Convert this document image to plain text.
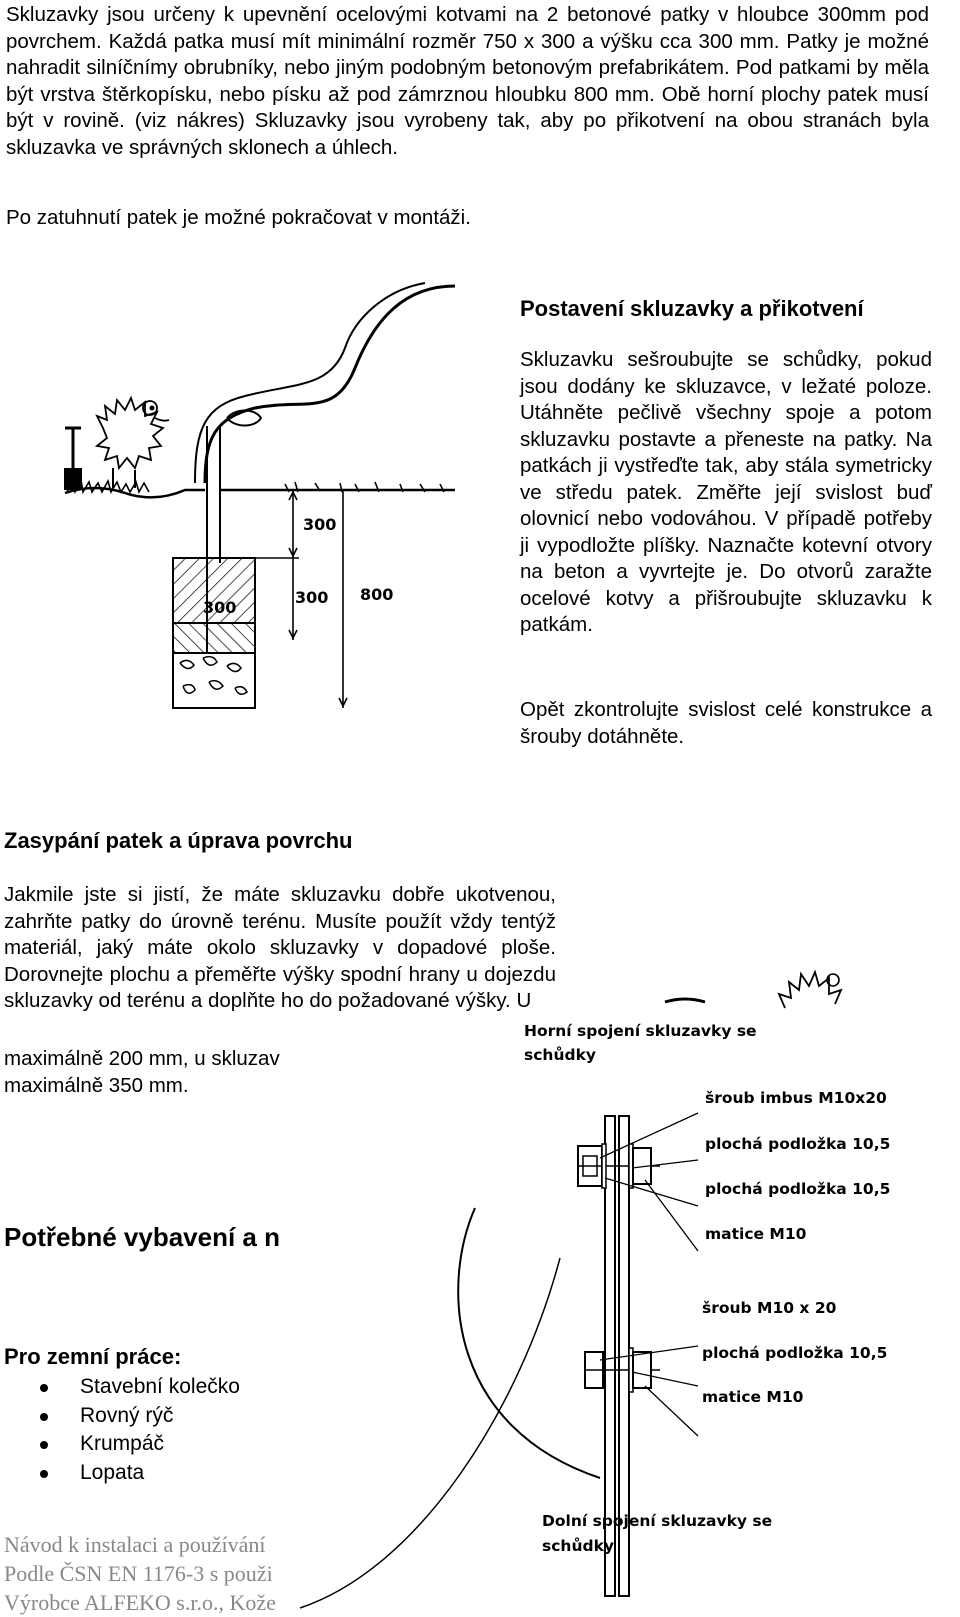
Skluzavky jsou určeny k upevnění ocelovými kotvami na 2 betonové patky v hloubce 300mm pod povrchem. Každá patka musí mít minimální rozměr 750 x 300 a výšku cca 300 mm. Patky je možné nahradit silníčnímy obrubníky, nebo jiným podobným betonovým prefabrikátem. Pod patkami by měla být vrstva štěrkopísku, nebo písku až pod zámrznou hloubku 800 mm. Obě horní plochy patek musí být v rovině. (viz nákres) Skluzavky jsou vyrobeny tak, aby po přikotvení na obou stranách byla skluzavka ve správných sklonech a úhlech.

Po zatuhnutí patek je možné pokračovat v montáži.

300
300
300
800
Postavení skluzavky a přikotvení

Skluzavku sešroubujte se schůdky, pokud jsou dodány ke skluzavce, v ležaté poloze. Utáhněte pečlivě všechny spoje a potom skluzavku postavte a přeneste na patky. Na patkách ji vystřeďte tak, aby stála symetricky ve středu patek. Změřte její svislost buď olovnicí nebo vodováhou. V případě potřeby ji vypodložte plíšky. Naznačte kotevní otvory na beton a vyvrtejte je. Do otvorů zaražte ocelové kotvy a přišroubujte skluzavku k patkám.

Opět zkontrolujte svislost celé konstrukce a šrouby dotáhněte.

Zasypání patek a úprava povrchu

Jakmile jste si jistí, že máte skluzavku dobře ukotvenou, zahrňte patky do úrovně terénu. Musíte použít vždy tentýž materiál, jaký máte okolo skluzavky v dopadové ploše. Dorovnejte plochu a přeměřte výšky spodní hrany u dojezdu skluzavky od terénu a doplňte ho do požadované výšky. U

maximálně 200 mm, u skluzav
maximálně 350 mm.
Horní spojení skluzavky se
schůdky
šroub imbus M10x20
plochá podložka 10,5
plochá podložka 10,5
matice M10
šroub M10 x 20
plochá podložka 10,5
matice M10
Dolní spojení skluzavky se
schůdky
Potřebné vybavení a n
Pro zemní práce:
Stavební kolečko
Rovný rýč
Krumpáč
Lopata
Návod k instalaci a používání
Podle ČSN EN 1176-3 s použi
Výrobce ALFEKO s.r.o., Kože
